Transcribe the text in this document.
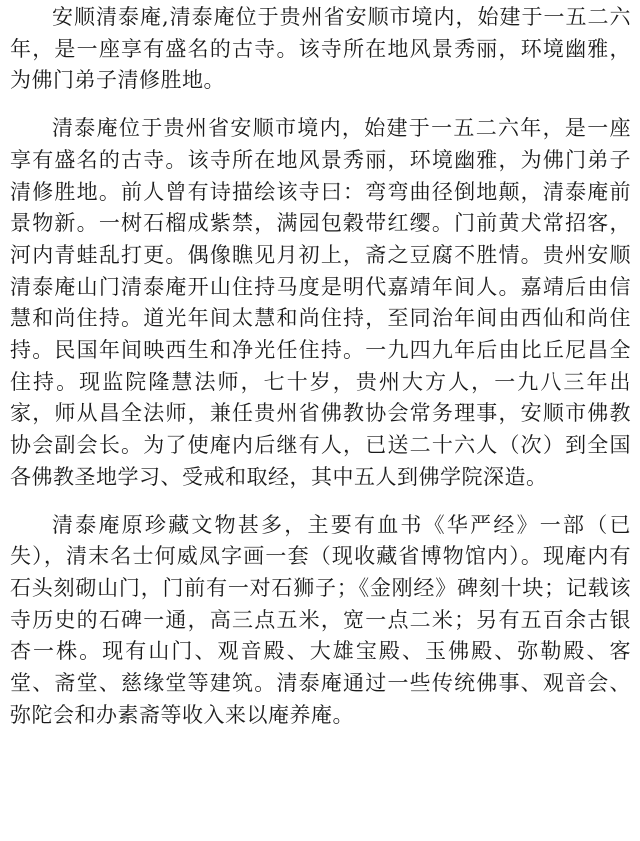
安顺清泰庵,清泰庵位于贵州省安顺市境内，始建于一五二六年，是一座享有盛名的古寺。该寺所在地风景秀丽，环境幽雅，为佛门弟子清修胜地。

清泰庵位于贵州省安顺市境内，始建于一五二六年，是一座享有盛名的古寺。该寺所在地风景秀丽，环境幽雅，为佛门弟子清修胜地。前人曾有诗描绘该寺曰：弯弯曲径倒地颠，清泰庵前景物新。一树石榴成紫禁，满园包穀带红缨。门前黄犬常招客，河内青蛙乱打更。偶像瞧见月初上，斋之豆腐不胜情。贵州安顺清泰庵山门清泰庵开山住持马度是明代嘉靖年间人。嘉靖后由信慧和尚住持。道光年间太慧和尚住持，至同治年间由西仙和尚住持。民国年间映西生和净光任住持。一九四九年后由比丘尼昌全住持。现监院隆慧法师，七十岁，贵州大方人，一九八三年出家，师从昌全法师，兼任贵州省佛教协会常务理事，安顺市佛教协会副会长。为了使庵内后继有人，已送二十六人（次）到全国各佛教圣地学习、受戒和取经，其中五人到佛学院深造。

清泰庵原珍藏文物甚多，主要有血书《华严经》一部（已失），清末名士何威凤字画一套（现收藏省博物馆内）。现庵内有石头刻砌山门，门前有一对石狮子；《金刚经》碑刻十块；记载该寺历史的石碑一通，高三点五米，宽一点二米；另有五百余古银杏一株。现有山门、观音殿、大雄宝殿、玉佛殿、弥勒殿、客堂、斋堂、慈缘堂等建筑。清泰庵通过一些传统佛事、观音会、弥陀会和办素斋等收入来以庵养庵。
